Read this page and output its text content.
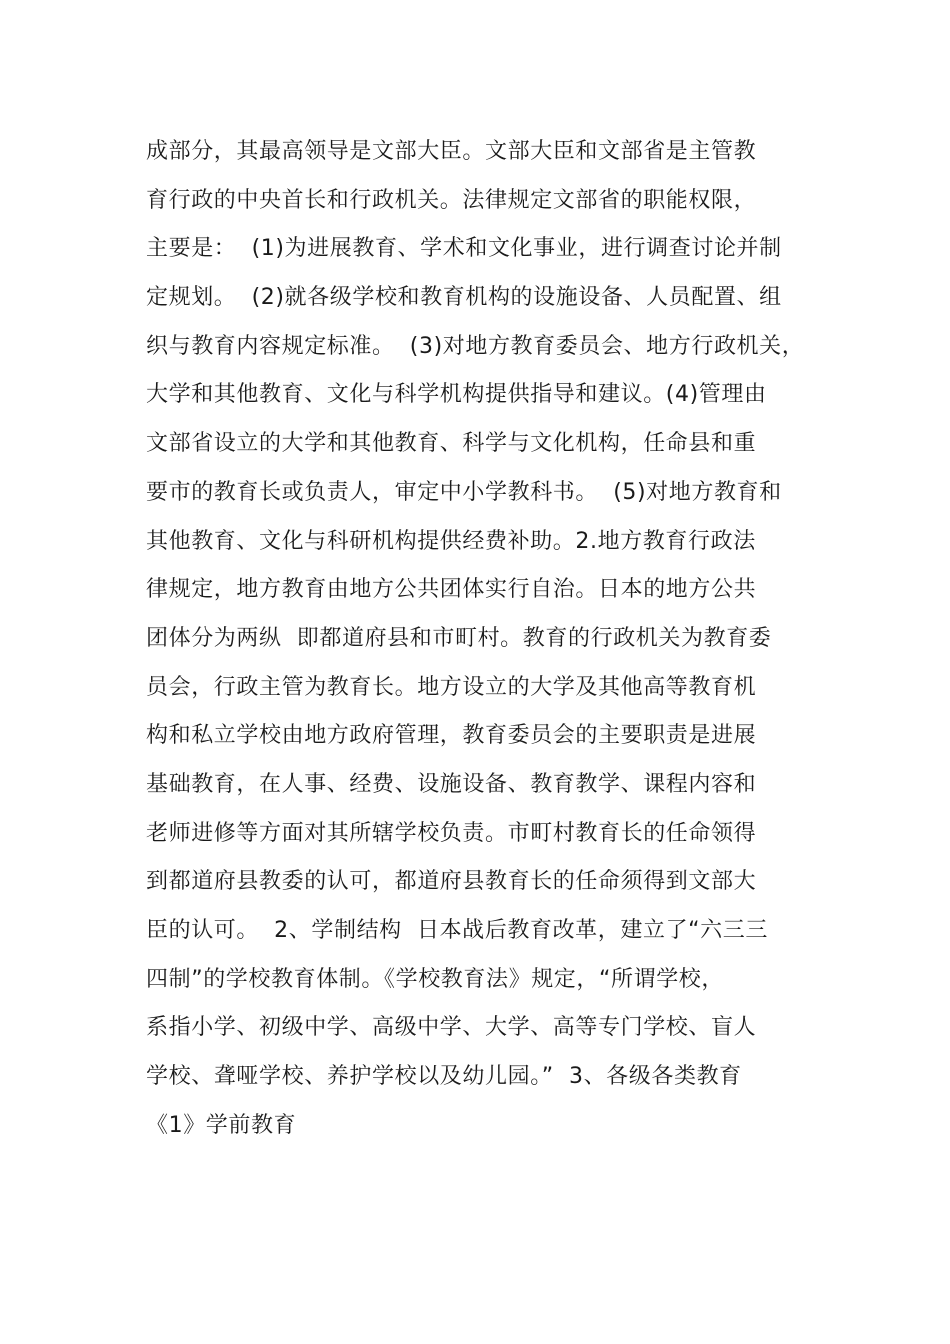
成部分，其最高领导是文部大臣。文部大臣和文部省是主管教
育行政的中央首长和行政机关。法律规定文部省的职能权限，
主要是：  (1)为进展教育、学术和文化事业，进行调查讨论并制
定规划。  (2)就各级学校和教育机构的设施设备、人员配置、组
织与教育内容规定标准。  (3)对地方教育委员会、地方行政机关，
大学和其他教育、文化与科学机构提供指导和建议。(4)管理由
文部省设立的大学和其他教育、科学与文化机构，任命县和重
要市的教育长或负责人，审定中小学教科书。  (5)对地方教育和
其他教育、文化与科研机构提供经费补助。2.地方教育行政法
律规定，地方教育由地方公共团体实行自治。日本的地方公共
团体分为两纵  即都道府县和市町村。教育的行政机关为教育委
员会，行政主管为教育长。地方设立的大学及其他高等教育机
构和私立学校由地方政府管理，教育委员会的主要职责是进展
基础教育，在人事、经费、设施设备、教育教学、课程内容和
老师进修等方面对其所辖学校负责。市町村教育长的任命领得
到都道府县教委的认可，都道府县教育长的任命须得到文部大
臣的认可。  2、学制结构  日本战后教育改革，建立了“六三三
四制”的学校教育体制。《学校教育法》规定，“所谓学校，
系指小学、初级中学、高级中学、大学、高等专门学校、盲人
学校、聋哑学校、养护学校以及幼儿园。”  3、各级各类教育
《1》学前教育
